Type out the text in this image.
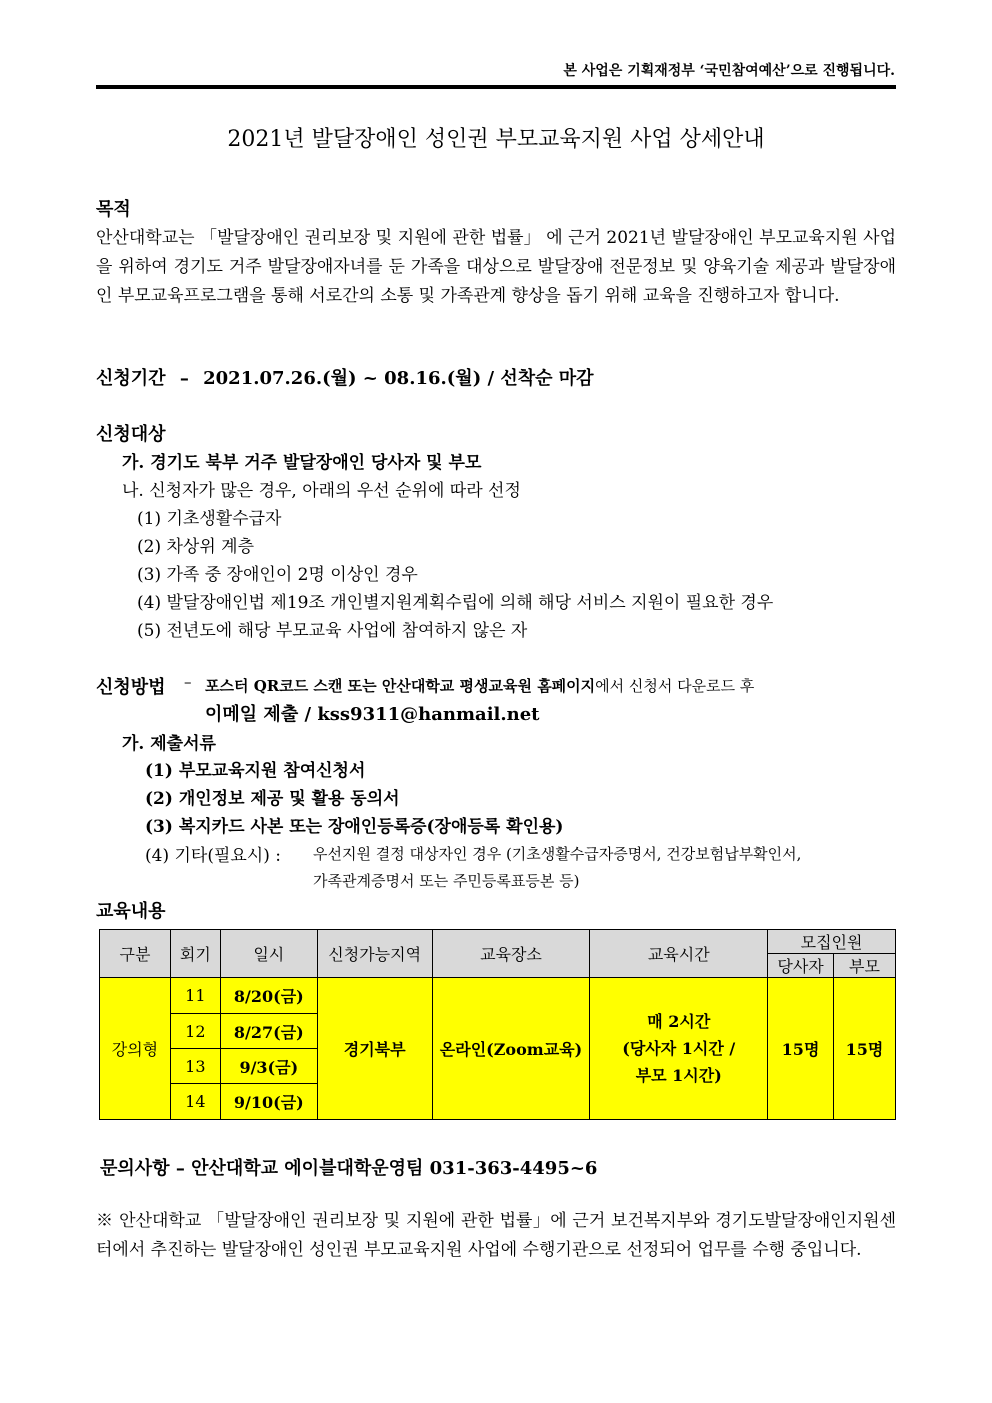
본 사업은 기획재정부 ‘국민참여예산’으로 진행됩니다.
2021년 발달장애인 성인권 부모교육지원 사업 상세안내
목적
안산대학교는 「발달장애인 권리보장 및 지원에 관한 법률」 에 근거 2021년 발달장애인 부모교육지원 사업을 위하여 경기도 거주 발달장애자녀를 둔 가족을 대상으로 발달장애 전문정보 및 양육기술 제공과 발달장애인 부모교육프로그램을 통해 서로간의 소통 및 가족관계 향상을 돕기 위해 교육을 진행하고자 합니다.
신청기간 – 2021.07.26.(월) ~ 08.16.(월) / 선착순 마감
신청대상
가. 경기도 북부 거주 발달장애인 당사자 및 부모
나. 신청자가 많은 경우, 아래의 우선 순위에 따라 선정
(1) 기초생활수급자
(2) 차상위 계층
(3) 가족 중 장애인이 2명 이상인 경우
(4) 발달장애인법 제19조 개인별지원계획수립에 의해 해당 서비스 지원이 필요한 경우
(5) 전년도에 해당 부모교육 사업에 참여하지 않은 자
신청방법 – 포스터 QR코드 스캔 또는 안산대학교 평생교육원 홈페이지에서 신청서 다운로드 후
이메일 제출 / kss9311@hanmail.net
가. 제출서류
(1) 부모교육지원 참여신청서
(2) 개인정보 제공 및 활용 동의서
(3) 복지카드 사본 또는 장애인등록증(장애등록 확인용)
(4) 기타(필요시) : 우선지원 결정 대상자인 경우 (기초생활수급자증명서, 건강보험납부확인서,
가족관계증명서 또는 주민등록표등본 등)
교육내용
구분	회기	일시	신청가능지역	교육장소	교육시간	모집인원	
						당사자	부모
강의형	11	8/20(금)	경기북부	온라인(Zoom교육)	매 2시간
(당사자 1시간 /
부모 1시간)	15명	15명
	12	8/27(금)					
	13	9/3(금)					
	14	9/10(금)					
문의사항 – 안산대학교 에이블대학운영팀 031-363-4495~6
※ 안산대학교 「발달장애인 권리보장 및 지원에 관한 법률」에 근거 보건복지부와 경기도발달장애인지원센터에서 추진하는 발달장애인 성인권 부모교육지원 사업에 수행기관으로 선정되어 업무를 수행 중입니다.
